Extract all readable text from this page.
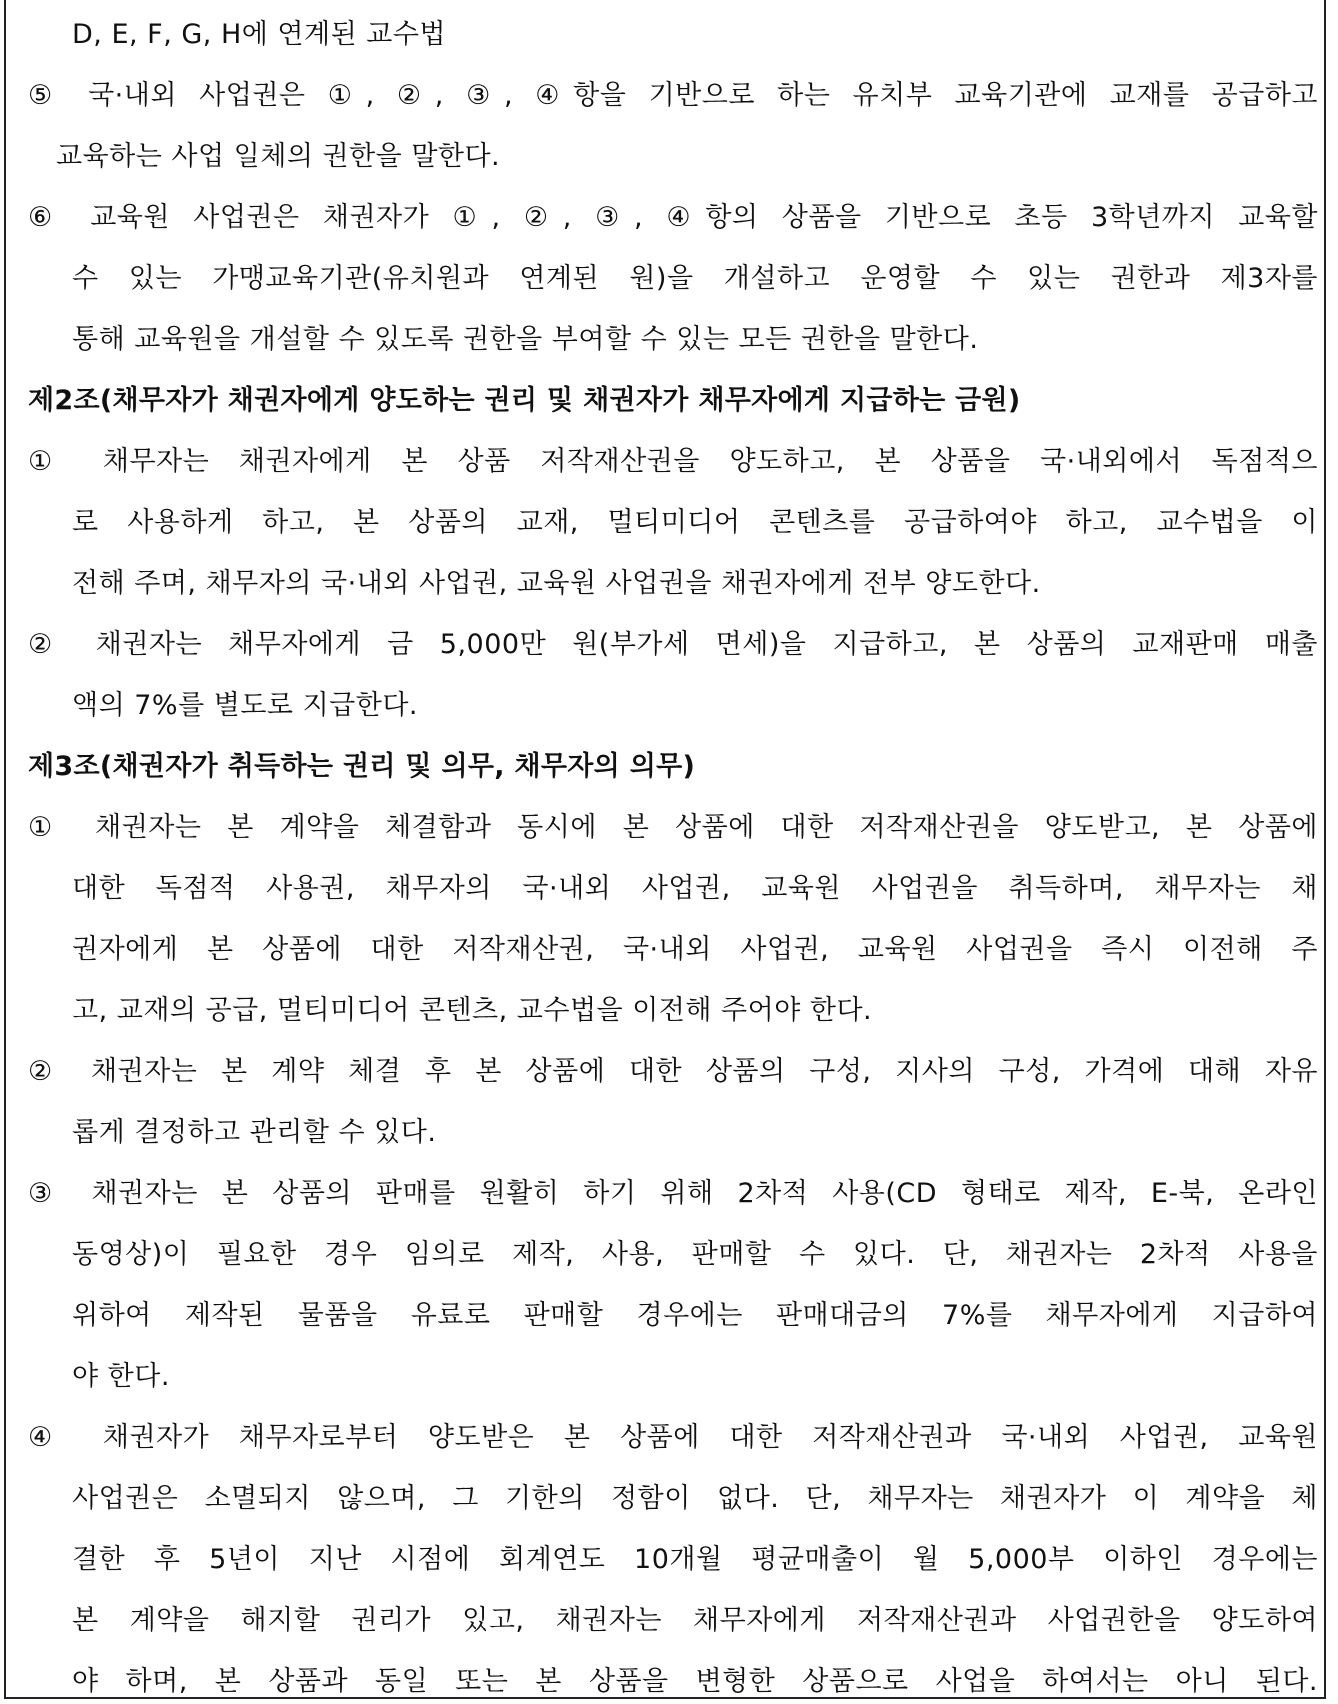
D, E, F, G, H에 연계된 교수법

⑤ 국·내외 사업권은 ①, ②, ③, ④항을 기반으로 하는 유치부 교육기관에 교재를 공급하고

교육하는 사업 일체의 권한을 말한다.

⑥ 교육원 사업권은 채권자가 ①, ②, ③, ④항의 상품을 기반으로 초등 3학년까지 교육할

수 있는 가맹교육기관(유치원과 연계된 원)을 개설하고 운영할 수 있는 권한과 제3자를

통해 교육원을 개설할 수 있도록 권한을 부여할 수 있는 모든 권한을 말한다.

제2조(채무자가 채권자에게 양도하는 권리 및 채권자가 채무자에게 지급하는 금원)

① 채무자는 채권자에게 본 상품 저작재산권을 양도하고, 본 상품을 국·내외에서 독점적으

로 사용하게 하고, 본 상품의 교재, 멀티미디어 콘텐츠를 공급하여야 하고, 교수법을 이

전해 주며, 채무자의 국·내외 사업권, 교육원 사업권을 채권자에게 전부 양도한다.

② 채권자는 채무자에게 금 5,000만 원(부가세 면세)을 지급하고, 본 상품의 교재판매 매출

액의 7%를 별도로 지급한다.

제3조(채권자가 취득하는 권리 및 의무, 채무자의 의무)

① 채권자는 본 계약을 체결함과 동시에 본 상품에 대한 저작재산권을 양도받고, 본 상품에

대한 독점적 사용권, 채무자의 국·내외 사업권, 교육원 사업권을 취득하며, 채무자는 채

권자에게 본 상품에 대한 저작재산권, 국·내외 사업권, 교육원 사업권을 즉시 이전해 주

고, 교재의 공급, 멀티미디어 콘텐츠, 교수법을 이전해 주어야 한다.

② 채권자는 본 계약 체결 후 본 상품에 대한 상품의 구성, 지사의 구성, 가격에 대해 자유

롭게 결정하고 관리할 수 있다.

③ 채권자는 본 상품의 판매를 원활히 하기 위해 2차적 사용(CD 형태로 제작, E-북, 온라인

동영상)이 필요한 경우 임의로 제작, 사용, 판매할 수 있다. 단, 채권자는 2차적 사용을

위하여 제작된 물품을 유료로 판매할 경우에는 판매대금의 7%를 채무자에게 지급하여

야 한다.

④ 채권자가 채무자로부터 양도받은 본 상품에 대한 저작재산권과 국·내외 사업권, 교육원

사업권은 소멸되지 않으며, 그 기한의 정함이 없다. 단, 채무자는 채권자가 이 계약을 체

결한 후 5년이 지난 시점에 회계연도 10개월 평균매출이 월 5,000부 이하인 경우에는

본 계약을 해지할 권리가 있고, 채권자는 채무자에게 저작재산권과 사업권한을 양도하여

야 하며, 본 상품과 동일 또는 본 상품을 변형한 상품으로 사업을 하여서는 아니 된다.
